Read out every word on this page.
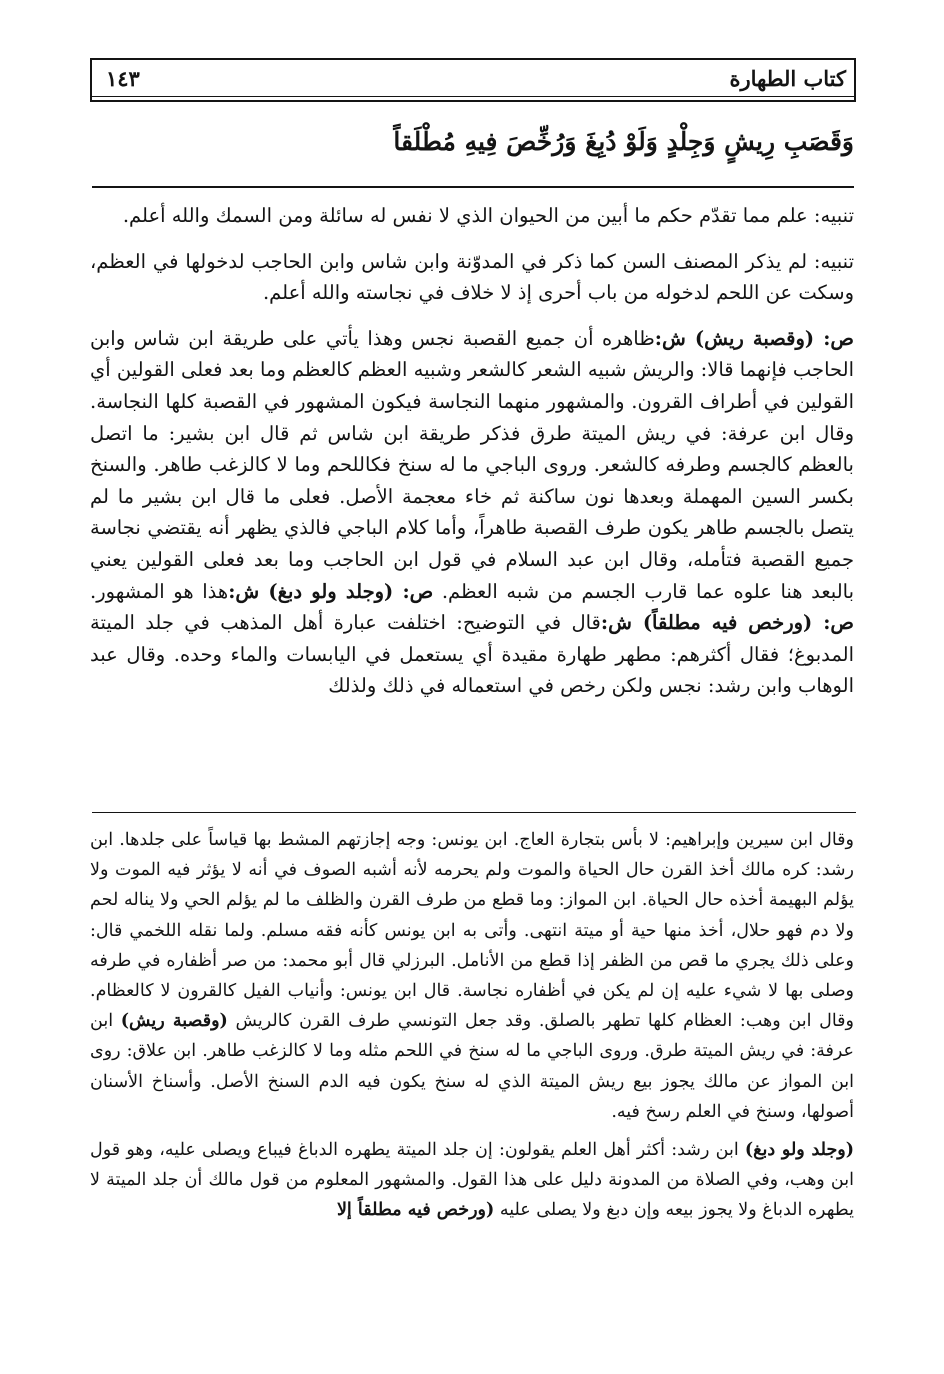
كتاب الطهارة
١٤٣
وَقَصَبِ رِيشٍ وَجِلْدٍ وَلَوْ دُبِغَ وَرُخِّصَ فِيهِ مُطْلَقاً

تنبيه: علم مما تقدّم حكم ما أبين من الحيوان الذي لا نفس له سائلة ومن السمك والله أعلم.

تنبيه: لم يذكر المصنف السن كما ذكر في المدوّنة وابن شاس وابن الحاجب لدخولها في العظم، وسكت عن اللحم لدخوله من باب أحرى إذ لا خلاف في نجاسته والله أعلم.

ص: (وقصبة ريش) ش:ظاهره أن جميع القصبة نجس وهذا يأتي على طريقة ابن شاس وابن الحاجب فإنهما قالا: والريش شبيه الشعر كالشعر وشبيه العظم كالعظم وما بعد فعلى القولين أي القولين في أطراف القرون. والمشهور منهما النجاسة فيكون المشهور في القصبة كلها النجاسة. وقال ابن عرفة: في ريش الميتة طرق فذكر طريقة ابن شاس ثم قال ابن بشير: ما اتصل بالعظم كالجسم وطرفه كالشعر. وروى الباجي ما له سنخ فكاللحم وما لا كالزغب طاهر. والسنخ بكسر السين المهملة وبعدها نون ساكنة ثم خاء معجمة الأصل. فعلى ما قال ابن بشير ما لم يتصل بالجسم طاهر يكون طرف القصبة طاهراً، وأما كلام الباجي فالذي يظهر أنه يقتضي نجاسة جميع القصبة فتأمله، وقال ابن عبد السلام في قول ابن الحاجب وما بعد فعلى القولين يعني بالبعد هنا علوه عما قارب الجسم من شبه العظم. ص: (وجلد ولو دبغ) ش:هذا هو المشهور. ص: (ورخص فيه مطلقاً) ش:قال في التوضيح: اختلفت عبارة أهل المذهب في جلد الميتة المدبوغ؛ فقال أكثرهم: مطهر طهارة مقيدة أي يستعمل في اليابسات والماء وحده. وقال عبد الوهاب وابن رشد: نجس ولكن رخص في استعماله في ذلك ولذلك

وقال ابن سيرين وإبراهيم: لا بأس بتجارة العاج. ابن يونس: وجه إجازتهم المشط بها قياساً على جلدها. ابن رشد: كره مالك أخذ القرن حال الحياة والموت ولم يحرمه لأنه أشبه الصوف في أنه لا يؤثر فيه الموت ولا يؤلم البهيمة أخذه حال الحياة. ابن المواز: وما قطع من طرف القرن والظلف ما لم يؤلم الحي ولا يناله لحم ولا دم فهو حلال، أخذ منها حية أو ميتة انتهى. وأتى به ابن يونس كأنه فقه مسلم. ولما نقله اللخمي قال: وعلى ذلك يجري ما قص من الظفر إذا قطع من الأنامل. البرزلي قال أبو محمد: من صر أظفاره في طرفه وصلى بها لا شيء عليه إن لم يكن في أظفاره نجاسة. قال ابن يونس: وأنياب الفيل كالقرون لا كالعظام. وقال ابن وهب: العظام كلها تطهر بالصلق. وقد جعل التونسي طرف القرن كالريش (وقصبة ريش) ابن عرفة: في ريش الميتة طرق. وروى الباجي ما له سنخ في اللحم مثله وما لا كالزغب طاهر. ابن علاق: روى ابن المواز عن مالك يجوز بيع ريش الميتة الذي له سنخ يكون فيه الدم السنخ الأصل. وأسناخ الأسنان أصولها، وسنخ في العلم رسخ فيه.

(وجلد ولو دبغ) ابن رشد: أكثر أهل العلم يقولون: إن جلد الميتة يطهره الدباغ فيباع ويصلى عليه، وهو قول ابن وهب، وفي الصلاة من المدونة دليل على هذا القول. والمشهور المعلوم من قول مالك أن جلد الميتة لا يطهره الدباغ ولا يجوز بيعه وإن دبغ ولا يصلى عليه (ورخص فيه مطلقاً إلا
